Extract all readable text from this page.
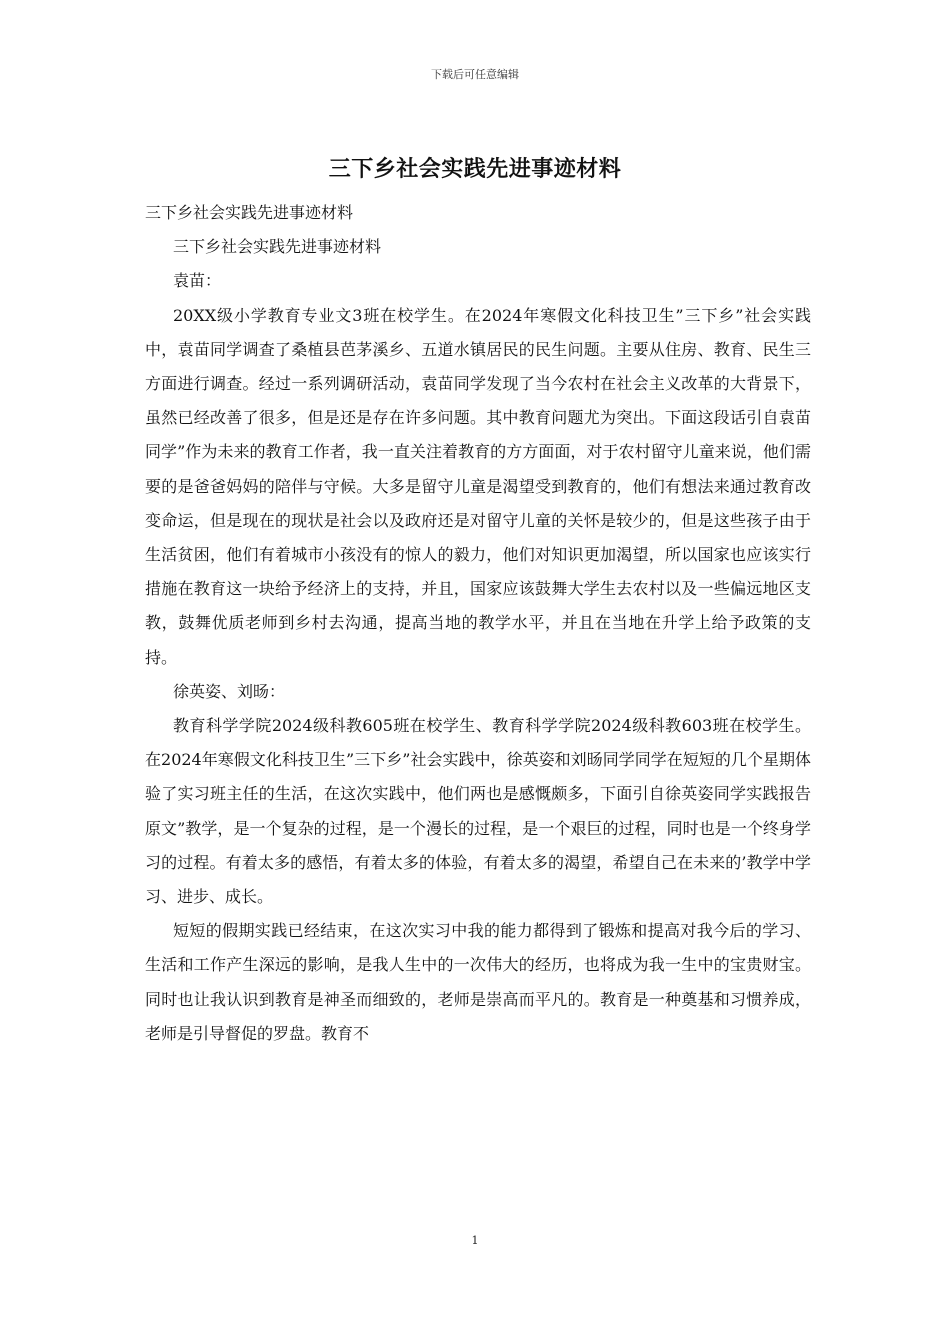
下载后可任意编辑
三下乡社会实践先进事迹材料

三下乡社会实践先进事迹材料

三下乡社会实践先进事迹材料

袁苗：

20XX级小学教育专业文3班在校学生。在2024年寒假文化科技卫生”三下乡”社会实践中，袁苗同学调查了桑植县芭茅溪乡、五道水镇居民的民生问题。主要从住房、教育、民生三方面进行调查。经过一系列调研活动，袁苗同学发现了当今农村在社会主义改革的大背景下，虽然已经改善了很多，但是还是存在许多问题。其中教育问题尤为突出。下面这段话引自袁苗同学”作为未来的教育工作者，我一直关注着教育的方方面面，对于农村留守儿童来说，他们需要的是爸爸妈妈的陪伴与守候。大多是留守儿童是渴望受到教育的，他们有想法来通过教育改变命运，但是现在的现状是社会以及政府还是对留守儿童的关怀是较少的，但是这些孩子由于生活贫困，他们有着城市小孩没有的惊人的毅力，他们对知识更加渴望，所以国家也应该实行措施在教育这一块给予经济上的支持，并且，国家应该鼓舞大学生去农村以及一些偏远地区支教，鼓舞优质老师到乡村去沟通，提高当地的教学水平，并且在当地在升学上给予政策的支持。

徐英姿、刘旸：

教育科学学院2024级科教605班在校学生、教育科学学院2024级科教603班在校学生。在2024年寒假文化科技卫生”三下乡”社会实践中，徐英姿和刘旸同学同学在短短的几个星期体验了实习班主任的生活，在这次实践中，他们两也是感慨颇多，下面引自徐英姿同学实践报告原文”教学，是一个复杂的过程，是一个漫长的过程，是一个艰巨的过程，同时也是一个终身学习的过程。有着太多的感悟，有着太多的体验，有着太多的渴望，希望自己在未来的’教学中学习、进步、成长。

短短的假期实践已经结束，在这次实习中我的能力都得到了锻炼和提高对我今后的学习、生活和工作产生深远的影响，是我人生中的一次伟大的经历，也将成为我一生中的宝贵财宝。同时也让我认识到教育是神圣而细致的，老师是崇高而平凡的。教育是一种奠基和习惯养成，老师是引导督促的罗盘。教育不

1
